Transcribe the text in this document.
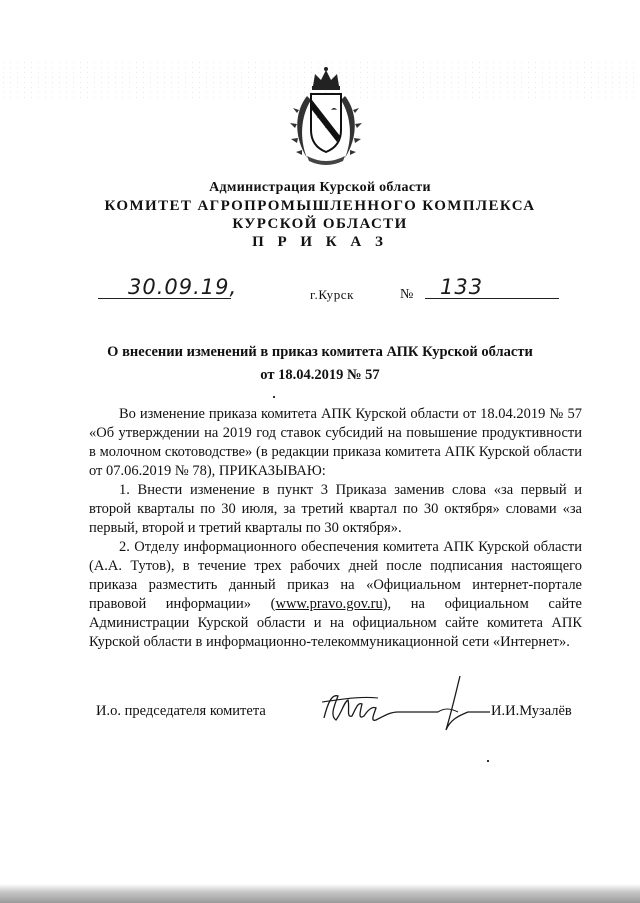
Администрация Курской области
КОМИТЕТ АГРОПРОМЫШЛЕННОГО КОМПЛЕКСА
КУРСКОЙ ОБЛАСТИ
П Р И К А З
30.09.19,	г.Курск	№ 133
О внесении изменений в приказ комитета АПК Курской области
от 18.04.2019 № 57

Во изменение приказа комитета АПК Курской области от 18.04.2019 № 57 «Об утверждении на 2019 год ставок субсидий на повышение продуктивности в молочном скотоводстве» (в редакции приказа комитета АПК Курской области от 07.06.2019 № 78), ПРИКАЗЫВАЮ:

1. Внести изменение в пункт 3 Приказа заменив слова «за первый и второй кварталы по 30 июля, за третий квартал по 30 октября» словами «за первый, второй и третий кварталы по 30 октября».

2. Отделу информационного обеспечения комитета АПК Курской области (А.А. Тутов), в течение трех рабочих дней после подписания настоящего приказа разместить данный приказ на «Официальном интернет-портале правовой информации» (www.pravo.gov.ru), на официальном сайте Администрации Курской области и на официальном сайте комитета АПК Курской области в информационно-телекоммуникационной сети «Интернет».

И.о. председателя комитета	И.И.Музалёв
